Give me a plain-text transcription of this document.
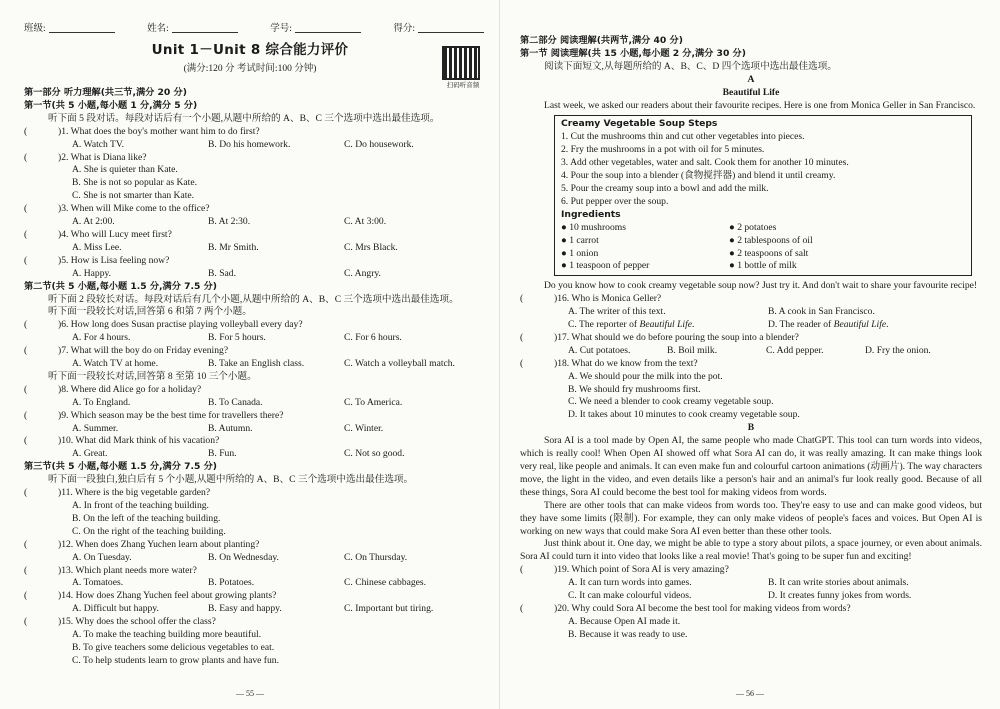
班级:	姓名:	学号:	得分:
Unit 1－Unit 8 综合能力评价
(满分:120 分 考试时间:100 分钟)
扫码听音频
第一部分 听力理解(共三节,满分 20 分)
第一节(共 5 小题,每小题 1 分,满分 5 分)
听下面 5 段对话。每段对话后有一个小题,从题中所给的 A、B、C 三个选项中选出最佳选项。
(	)1. What does the boy's mother want him to do first?
A. Watch TV.	B. Do his homework.	C. Do housework.
(	)2. What is Diana like?
A. She is quieter than Kate.
B. She is not so popular as Kate.
C. She is not smarter than Kate.
(	)3. When will Mike come to the office?
A. At 2:00.	B. At 2:30.	C. At 3:00.
(	)4. Who will Lucy meet first?
A. Miss Lee.	B. Mr Smith.	C. Mrs Black.
(	)5. How is Lisa feeling now?
A. Happy.	B. Sad.	C. Angry.
第二节(共 5 小题,每小题 1.5 分,满分 7.5 分)
听下面 2 段较长对话。每段对话后有几个小题,从题中所给的 A、B、C 三个选项中选出最佳选项。
听下面一段较长对话,回答第 6 和第 7 两个小题。
(	)6. How long does Susan practise playing volleyball every day?
A. For 4 hours.	B. For 5 hours.	C. For 6 hours.
(	)7. What will the boy do on Friday evening?
A. Watch TV at home.	B. Take an English class.	C. Watch a volleyball match.
听下面一段较长对话,回答第 8 至第 10 三个小题。
(	)8. Where did Alice go for a holiday?
A. To England.	B. To Canada.	C. To America.
(	)9. Which season may be the best time for travellers there?
A. Summer.	B. Autumn.	C. Winter.
(	)10. What did Mark think of his vacation?
A. Great.	B. Fun.	C. Not so good.
第三节(共 5 小题,每小题 1.5 分,满分 7.5 分)
听下面一段独白,独白后有 5 个小题,从题中所给的 A、B、C 三个选项中选出最佳选项。
(	)11. Where is the big vegetable garden?
A. In front of the teaching building.
B. On the left of the teaching building.
C. On the right of the teaching building.
(	)12. When does Zhang Yuchen learn about planting?
A. On Tuesday.	B. On Wednesday.	C. On Thursday.
(	)13. Which plant needs more water?
A. Tomatoes.	B. Potatoes.	C. Chinese cabbages.
(	)14. How does Zhang Yuchen feel about growing plants?
A. Difficult but happy.	B. Easy and happy.	C. Important but tiring.
(	)15. Why does the school offer the class?
A. To make the teaching building more beautiful.
B. To give teachers some delicious vegetables to eat.
C. To help students learn to grow plants and have fun.
— 55 —
第二部分 阅读理解(共两节,满分 40 分)
第一节 阅读理解(共 15 小题,每小题 2 分,满分 30 分)
阅读下面短文,从每题所给的 A、B、C、D 四个选项中选出最佳选项。
A
Beautiful Life
Last week, we asked our readers about their favourite recipes. Here is one from Monica Geller in San Francisco.
Creamy Vegetable Soup Steps
1. Cut the mushrooms thin and cut other vegetables into pieces.
2. Fry the mushrooms in a pot with oil for 5 minutes.
3. Add other vegetables, water and salt. Cook them for another 10 minutes.
4. Pour the soup into a blender (食物搅拌器) and blend it until creamy.
5. Pour the creamy soup into a bowl and add the milk.
6. Put pepper over the soup.
Ingredients
● 10 mushrooms	● 2 potatoes
● 1 carrot	● 2 tablespoons of oil
● 1 onion	● 2 teaspoons of salt
● 1 teaspoon of pepper	● 1 bottle of milk
Do you know how to cook creamy vegetable soup now? Just try it. And don't wait to share your favourite recipe!
(	)16. Who is Monica Geller?
A. The writer of this text.	B. A cook in San Francisco.
C. The reporter of Beautiful Life.	D. The reader of Beautiful Life.
(	)17. What should we do before pouring the soup into a blender?
A. Cut potatoes.	B. Boil milk.	C. Add pepper.	D. Fry the onion.
(	)18. What do we know from the text?
A. We should pour the milk into the pot.
B. We should fry mushrooms first.
C. We need a blender to cook creamy vegetable soup.
D. It takes about 10 minutes to cook creamy vegetable soup.
B
Sora AI is a tool made by Open AI, the same people who made ChatGPT. This tool can turn words into videos, which is really cool! When Open AI showed off what Sora AI can do, it was really amazing. It can make things look very real, like people and animals. It can even make fun and colourful cartoon animations (动画片). The way characters move, the light in the video, and even details like a person's hair and an animal's fur look really good. Because of all these things, Sora AI could become the best tool for making videos from words.
There are other tools that can make videos from words too. They're easy to use and can make good videos, but they have some limits (限制). For example, they can only make videos of people's faces and voices. But Open AI is working on new ways that could make Sora AI even better than these other tools.
Just think about it. One day, we might be able to type a story about pilots, a space journey, or even about animals. Sora AI could turn it into video that looks like a real movie! That's going to be super fun and exciting!
(	)19. Which point of Sora AI is very amazing?
A. It can turn words into games.	B. It can write stories about animals.
C. It can make colourful videos.	D. It creates funny jokes from words.
(	)20. Why could Sora AI become the best tool for making videos from words?
A. Because Open AI made it.
B. Because it was ready to use.
— 56 —
